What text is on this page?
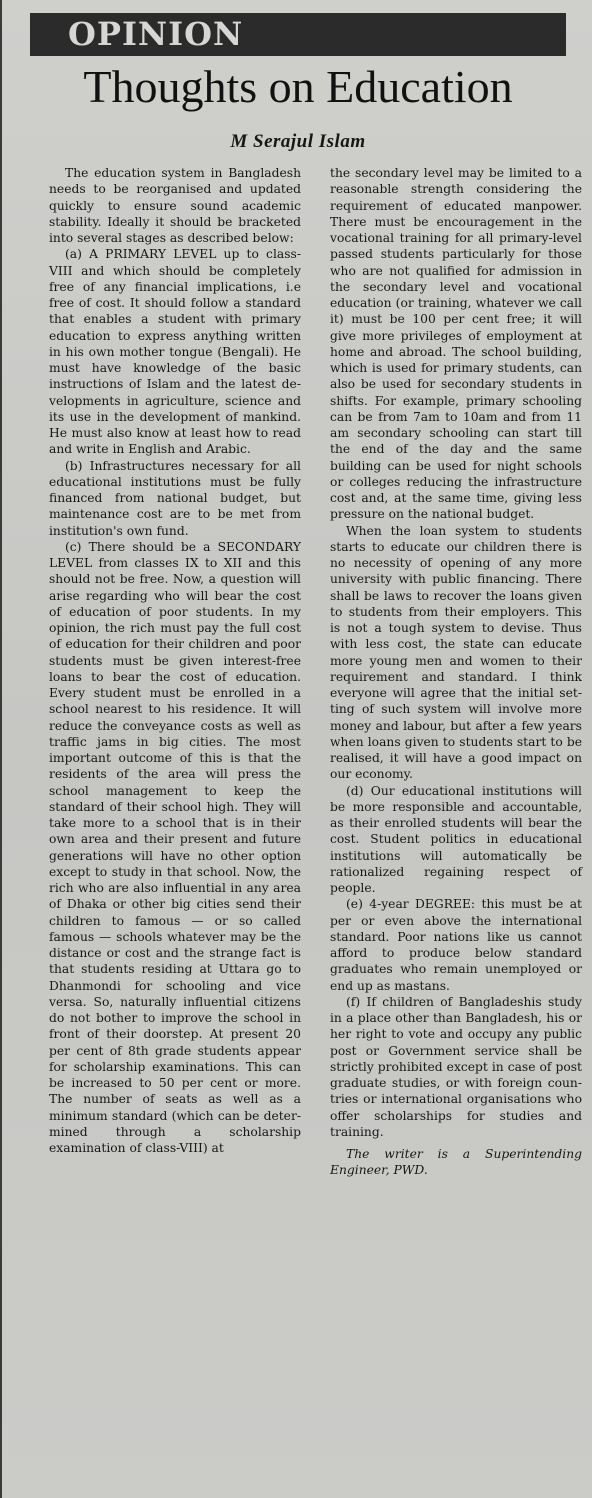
OPINION
Thoughts on Education
M Serajul Islam

The education system in Bangladesh needs to be reorganised and updated quickly to ensure sound academic stability. Ideally it should be bracketed into several stages as described below:

(a) A PRIMARY LEVEL up to class-VIII and which should be completely free of any financial implications, i.e free of cost. It should follow a standard that enables a student with primary education to express anything written in his own mother tongue (Bengali). He must have knowledge of the basic instructions of Islam and the latest developments in agriculture, science and its use in the development of mankind. He must also know at least how to read and write in English and Arabic.

(b) Infrastructures necessary for all educational institutions must be fully financed from national budget, but maintenance cost are to be met from institution's own fund.

(c) There should be a SECONDARY LEVEL from classes IX to XII and this should not be free. Now, a question will arise regarding who will bear the cost of education of poor students. In my opinion, the rich must pay the full cost of education for their children and poor students must be given interest-free loans to bear the cost of education. Every student must be enrolled in a school nearest to his residence. It will reduce the conveyance costs as well as traffic jams in big cities. The most important outcome of this is that the residents of the area will press the school management to keep the standard of their school high. They will take more to a school that is in their own area and their present and future generations will have no other option except to study in that school. Now, the rich who are also influential in any area of Dhaka or other big cities send their children to famous — or so called famous — schools whatever may be the distance or cost and the strange fact is that students residing at Uttara go to Dhanmondi for schooling and vice versa. So, naturally influential citizens do not bother to improve the school in front of their doorstep. At present 20 per cent of 8th grade students appear for scholarship examinations. This can be increased to 50 per cent or more. The number of seats as well as a minimum standard (which can be determined through a scholarship examination of class-VIII) at

the secondary level may be limited to a reasonable strength considering the requirement of educated manpower. There must be encouragement in the vocational training for all primary-level passed students particularly for those who are not qualified for admission in the secondary level and vocational education (or training, whatever we call it) must be 100 per cent free; it will give more privileges of employment at home and abroad. The school building, which is used for primary students, can also be used for secondary students in shifts. For example, primary schooling can be from 7am to 10am and from 11 am secondary schooling can start till the end of the day and the same building can be used for night schools or colleges reducing the infrastructure cost and, at the same time, giving less pressure on the national budget.

When the loan system to students starts to educate our children there is no necessity of opening of any more university with public financing. There shall be laws to recover the loans given to students from their employers. This is not a tough system to devise. Thus with less cost, the state can educate more young men and women to their requirement and standard. I think everyone will agree that the initial setting of such system will involve more money and labour, but after a few years when loans given to students start to be realised, it will have a good impact on our economy.

(d) Our educational institutions will be more responsible and accountable, as their enrolled students will bear the cost. Student politics in educational institutions will automatically be rationalized regaining respect of people.

(e) 4-year DEGREE: this must be at per or even above the international standard. Poor nations like us cannot afford to produce below standard graduates who remain unemployed or end up as mastans.

(f) If children of Bangladeshis study in a place other than Bangladesh, his or her right to vote and occupy any public post or Government service shall be strictly prohibited except in case of post graduate studies, or with foreign countries or international organisations who offer scholarships for studies and training.

The writer is a Superintending Engineer, PWD.
